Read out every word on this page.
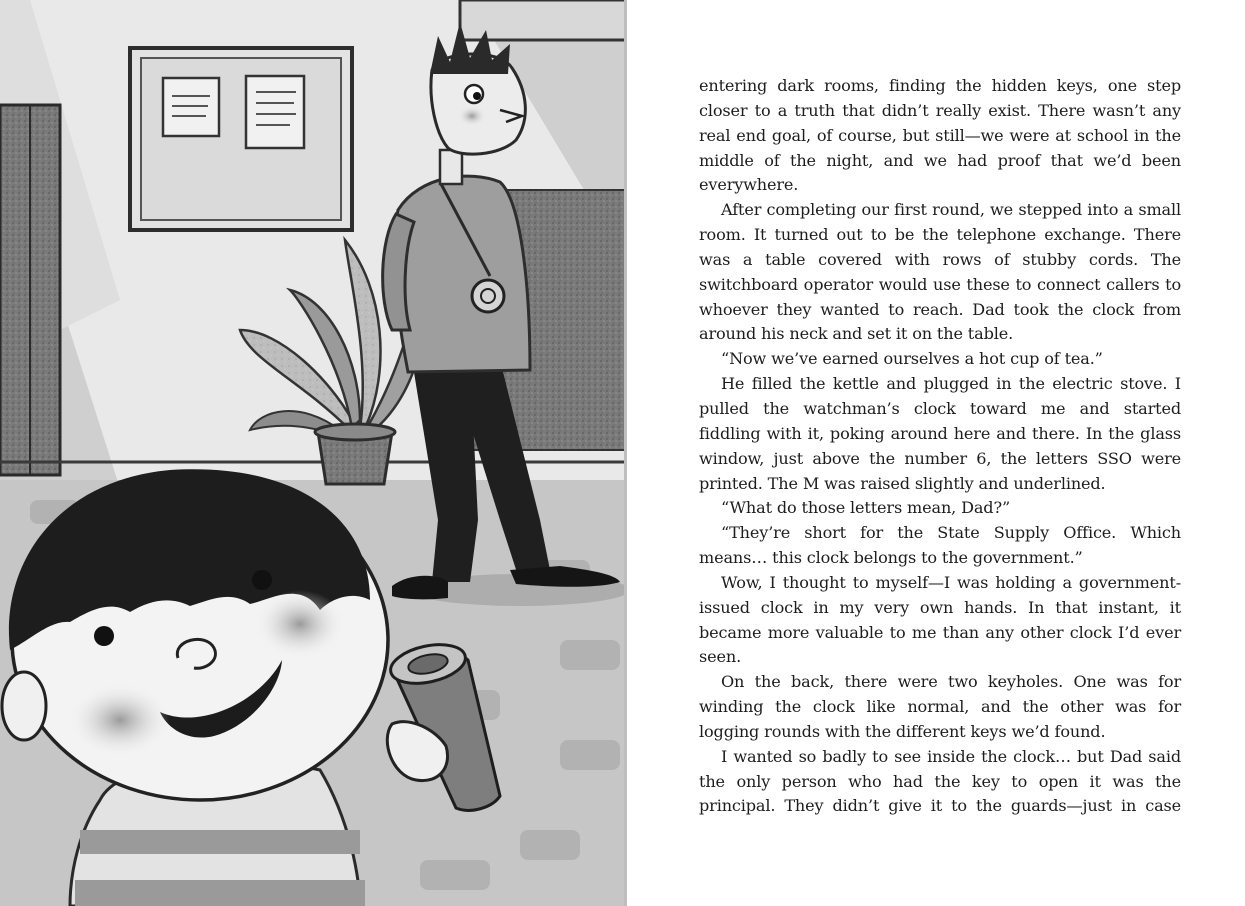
entering dark rooms, finding the hidden keys, one step closer to a truth that didn’t really exist. There wasn’t any real end goal, of course, but still—we were at school in the middle of the night, and we had proof that we’d been everywhere.

After completing our first round, we stepped into a small room. It turned out to be the telephone exchange. There was a table covered with rows of stubby cords. The switchboard operator would use these to connect callers to whoever they wanted to reach. Dad took the clock from around his neck and set it on the table.

“Now we’ve earned ourselves a hot cup of tea.”

He filled the kettle and plugged in the electric stove. I pulled the watchman’s clock toward me and started fiddling with it, poking around here and there. In the glass window, just above the number 6, the letters SSO were printed. The M was raised slightly and underlined.

“What do those letters mean, Dad?”

“They’re short for the State Supply Office. Which means… this clock belongs to the government.”

Wow, I thought to myself—I was holding a government-issued clock in my very own hands. In that instant, it became more valuable to me than any other clock I’d ever seen.

On the back, there were two keyholes. One was for winding the clock like normal, and the other was for logging rounds with the different keys we’d found.

I wanted so badly to see inside the clock… but Dad said the only person who had the key to open it was the principal. They didn’t give it to the guards—just in case
